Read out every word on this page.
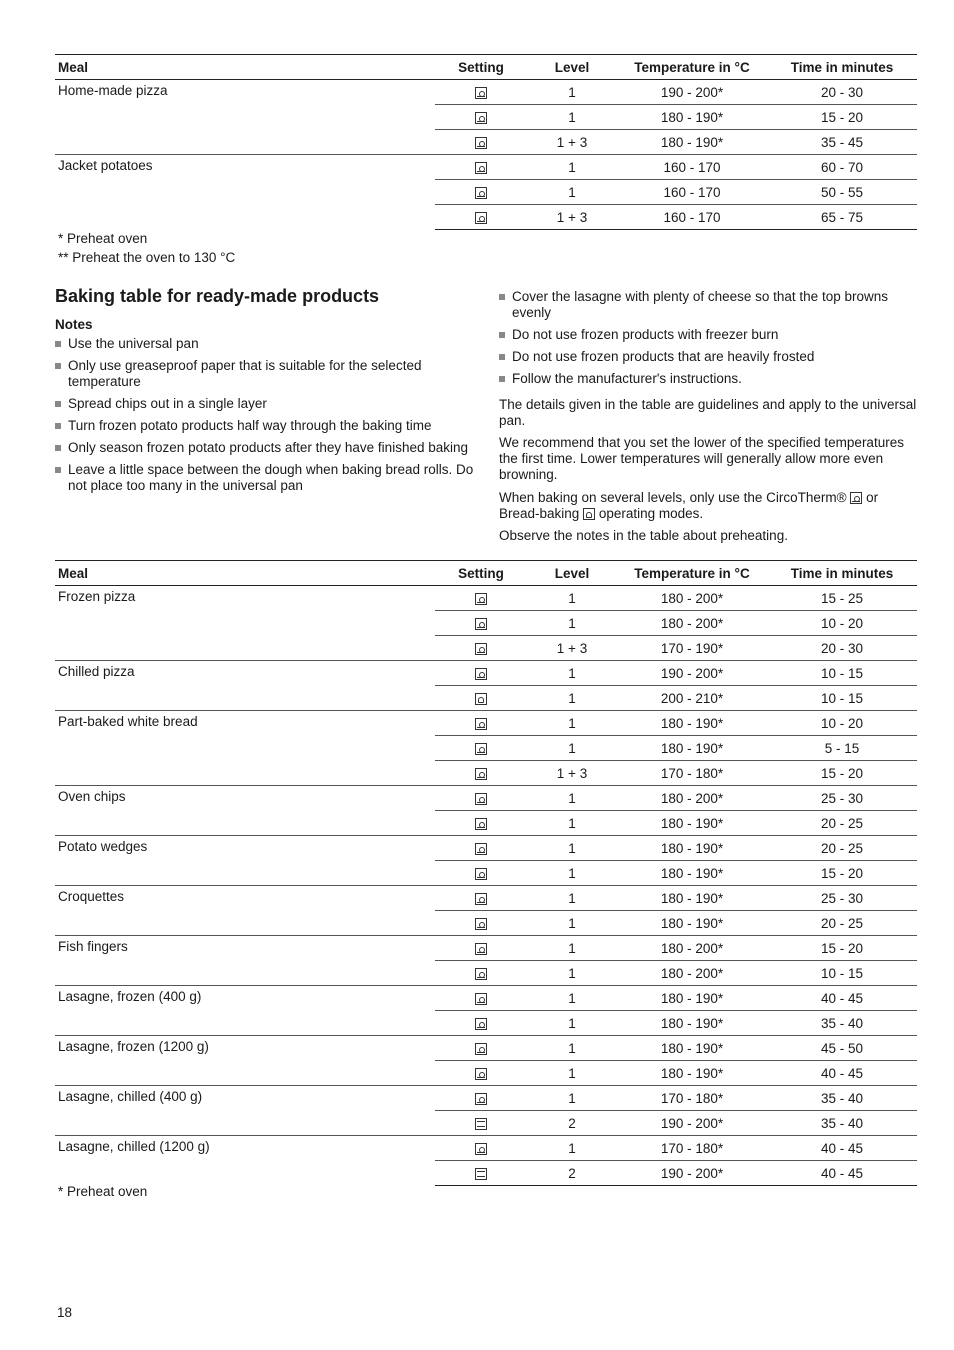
Meal	Setting	Level	Temperature in °C	Time in minutes
Home-made pizza		1	190 - 200*	20 - 30
		1	180 - 190*	15 - 20
		1 + 3	180 - 190*	35 - 45
Jacket potatoes		1	160 - 170	60 - 70
		1	160 - 170	50 - 55
		1 + 3	160 - 170	65 - 75

* Preheat oven

** Preheat the oven to 130 °C

Baking table for ready-made products

Notes

Use the universal pan
Only use greaseproof paper that is suitable for the selected temperature
Spread chips out in a single layer
Turn frozen potato products half way through the baking time
Only season frozen potato products after they have finished baking
Leave a little space between the dough when baking bread rolls. Do not place too many in the universal pan
Cover the lasagne with plenty of cheese so that the top browns evenly
Do not use frozen products with freezer burn
Do not use frozen products that are heavily frosted
Follow the manufacturer's instructions.

The details given in the table are guidelines and apply to the universal pan.

We recommend that you set the lower of the specified temperatures the first time. Lower temperatures will generally allow more even browning.

When baking on several levels, only use the CircoTherm® or Bread-baking operating modes.

Observe the notes in the table about preheating.

Meal	Setting	Level	Temperature in °C	Time in minutes
Frozen pizza		1	180 - 200*	15 - 25
		1	180 - 200*	10 - 20
		1 + 3	170 - 190*	20 - 30
Chilled pizza		1	190 - 200*	10 - 15
		1	200 - 210*	10 - 15
Part-baked white bread		1	180 - 190*	10 - 20
		1	180 - 190*	5 - 15
		1 + 3	170 - 180*	15 - 20
Oven chips		1	180 - 200*	25 - 30
		1	180 - 190*	20 - 25
Potato wedges		1	180 - 190*	20 - 25
		1	180 - 190*	15 - 20
Croquettes		1	180 - 190*	25 - 30
		1	180 - 190*	20 - 25
Fish fingers		1	180 - 200*	15 - 20
		1	180 - 200*	10 - 15
Lasagne, frozen (400 g)		1	180 - 190*	40 - 45
		1	180 - 190*	35 - 40
Lasagne, frozen (1200 g)		1	180 - 190*	45 - 50
		1	180 - 190*	40 - 45
Lasagne, chilled (400 g)		1	170 - 180*	35 - 40
		2	190 - 200*	35 - 40
Lasagne, chilled (1200 g)		1	170 - 180*	40 - 45
		2	190 - 200*	40 - 45

* Preheat oven

18
